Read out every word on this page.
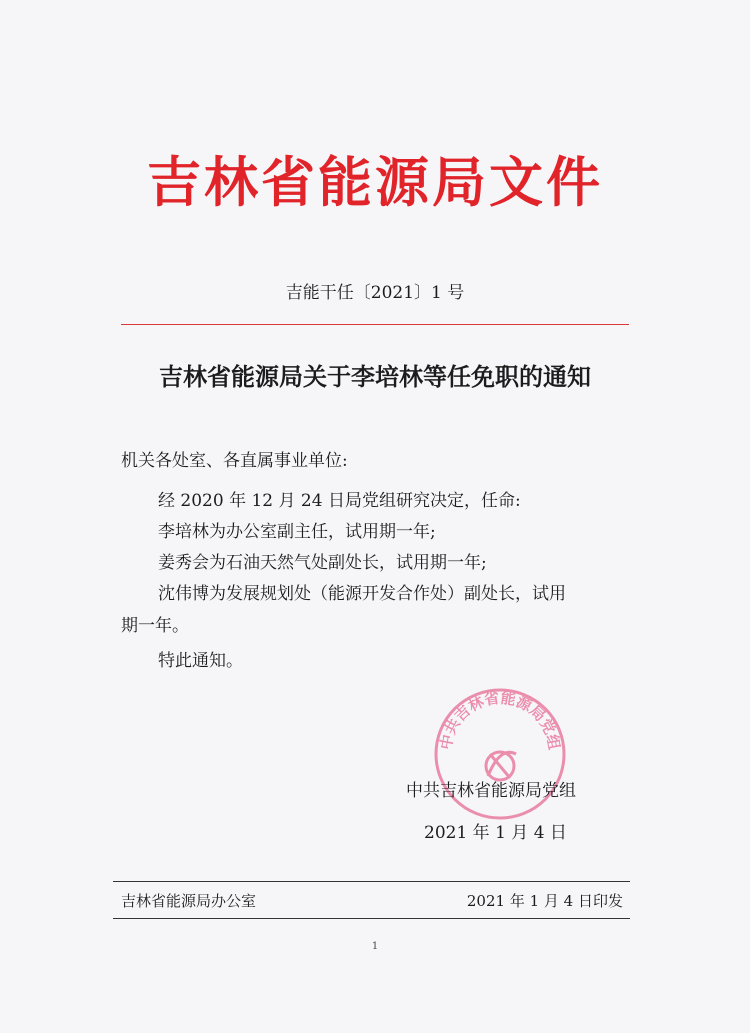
吉林省能源局文件
吉能干任〔2021〕1 号
吉林省能源局关于李培林等任免职的通知
机关各处室、各直属事业单位:
经 2020 年 12 月 24 日局党组研究决定，任命:
李培林为办公室副主任，试用期一年;
姜秀会为石油天然气处副处长，试用期一年;
沈伟博为发展规划处（能源开发合作处）副处长，试用
期一年。
特此通知。
中共吉林省能源局党组
中共吉林省能源局党组
2021 年 1 月 4 日
吉林省能源局办公室	2021 年 1 月 4 日印发
1
